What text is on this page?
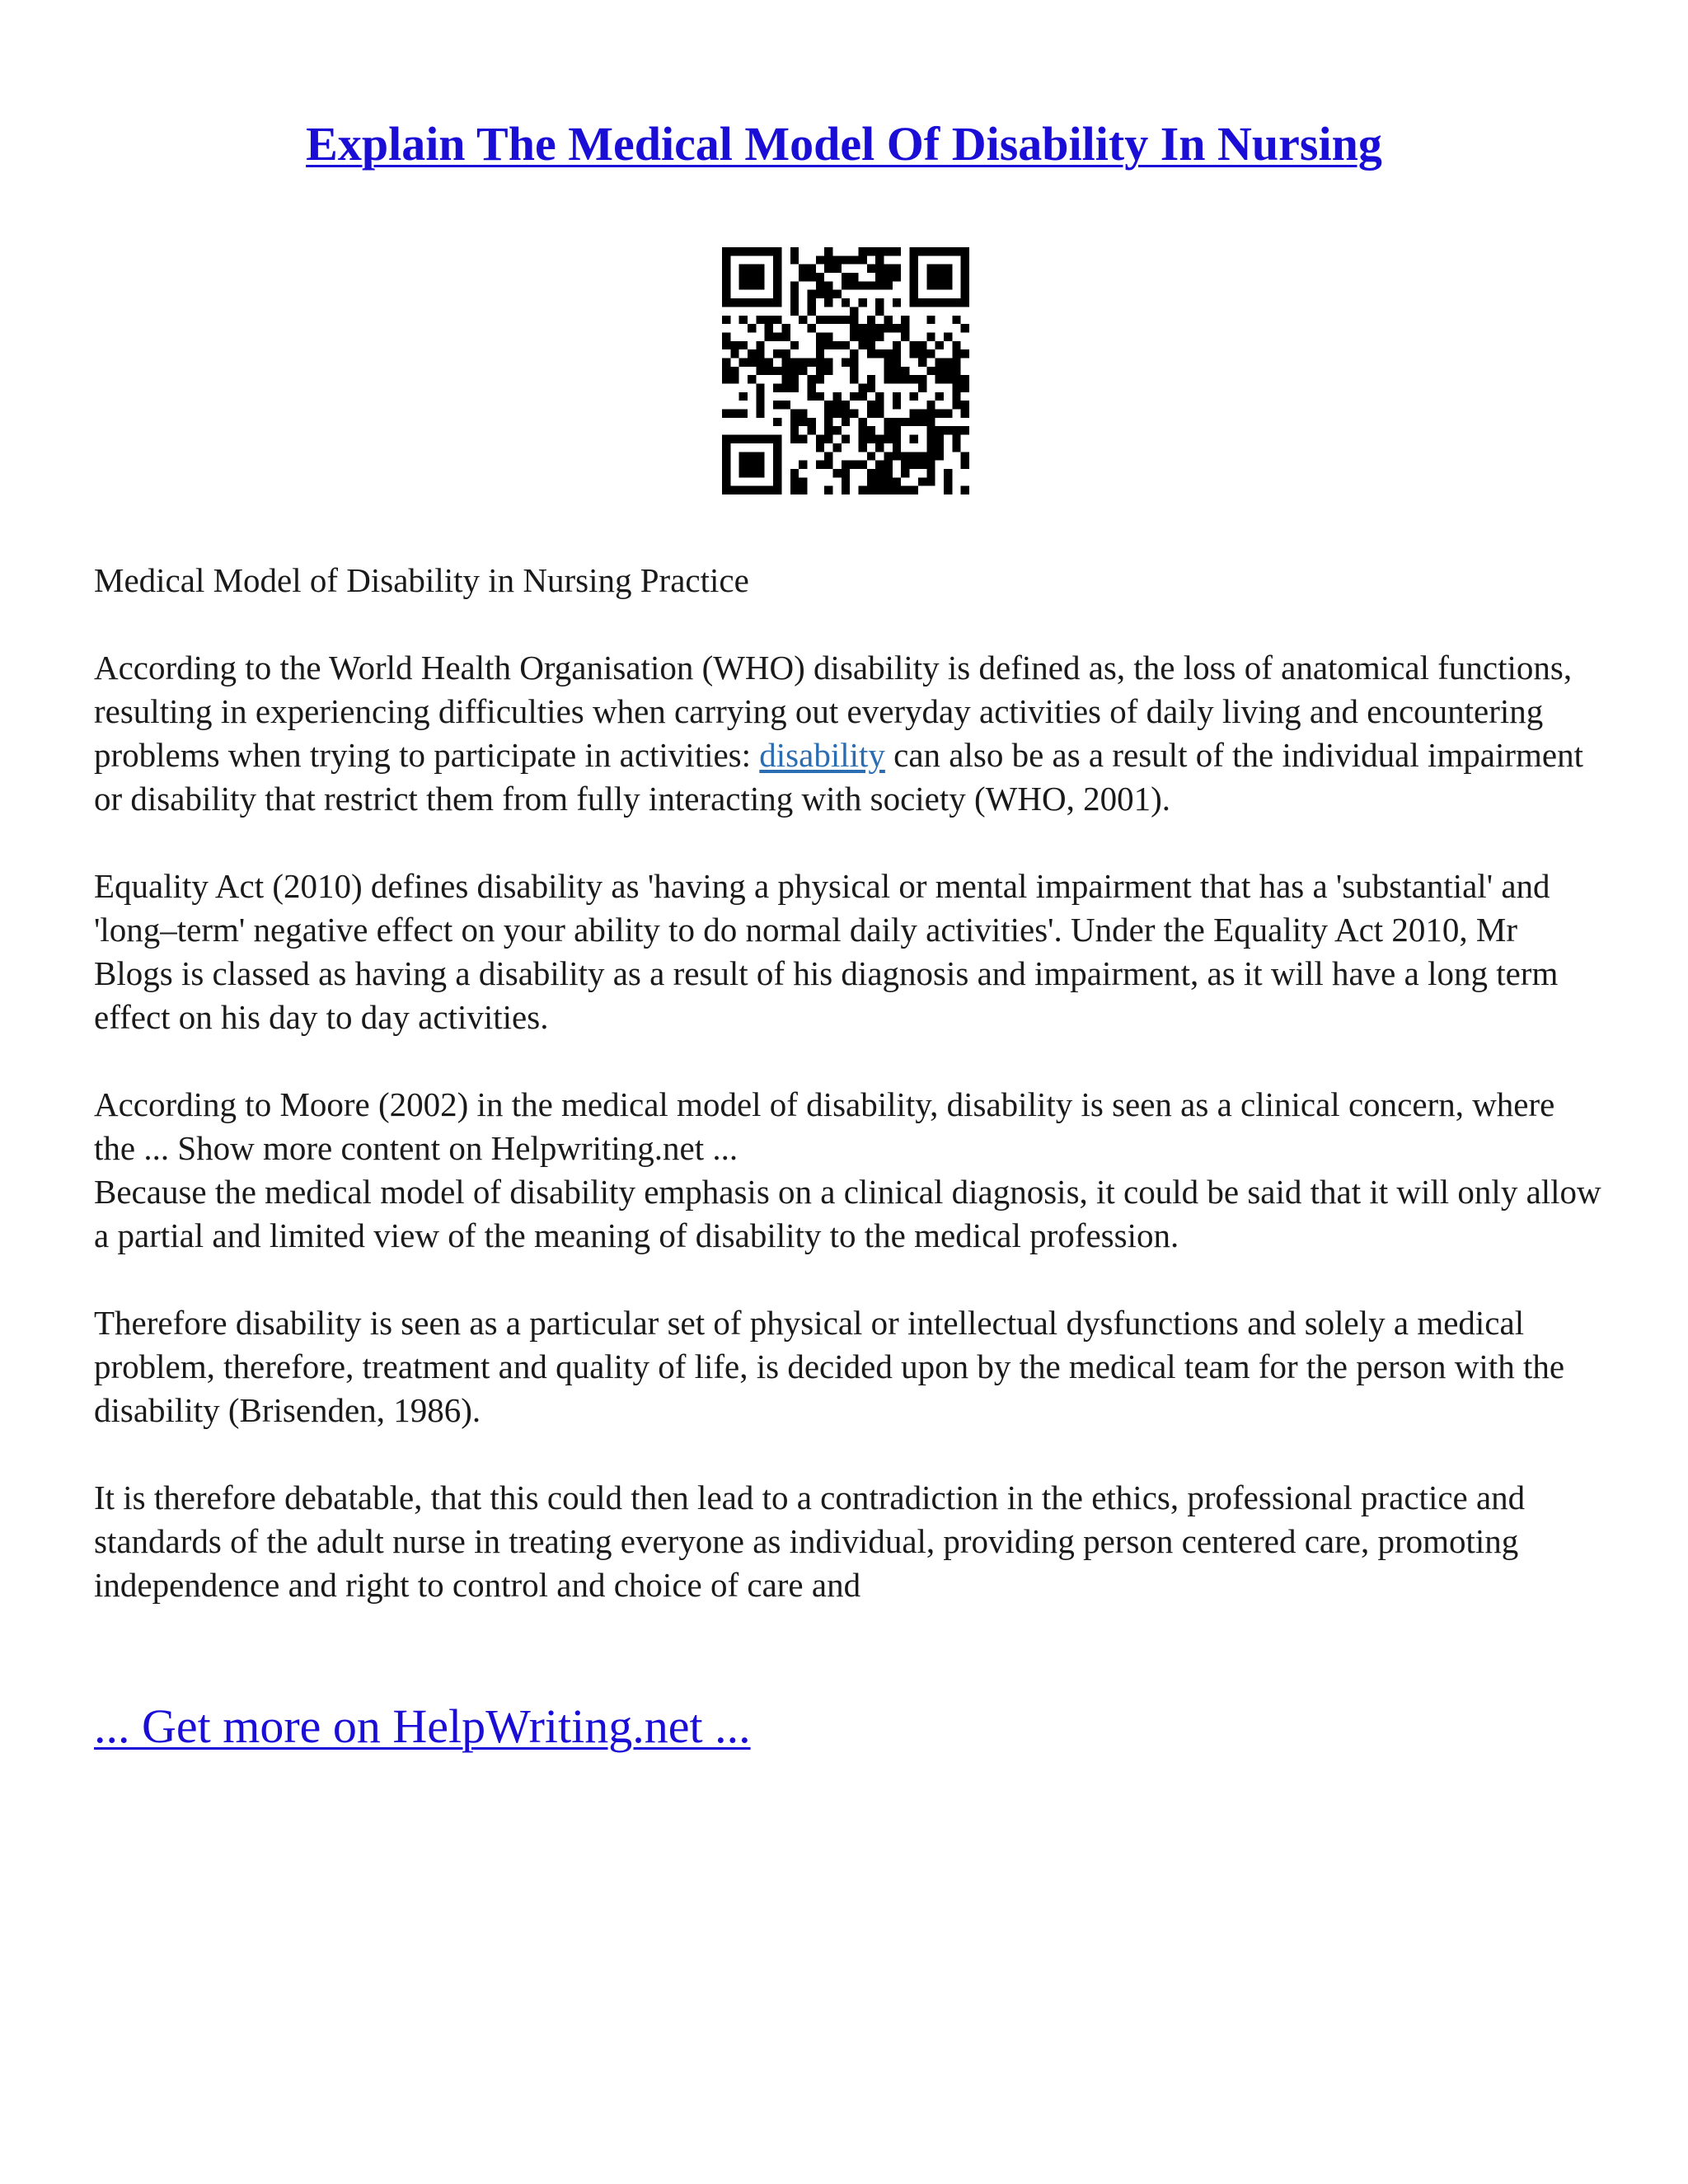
Explain The Medical Model Of Disability In Nursing

Medical Model of Disability in Nursing Practice

According to the World Health Organisation (WHO) disability is defined as, the loss of anatomical functions, resulting in experiencing difficulties when carrying out everyday activities of daily living and encountering problems when trying to participate in activities: disability can also be as a result of the individual impairment or disability that restrict them from fully interacting with society (WHO, 2001).

Equality Act (2010) defines disability as 'having a physical or mental impairment that has a 'substantial' and 'long–term' negative effect on your ability to do normal daily activities'. Under the Equality Act 2010, Mr Blogs is classed as having a disability as a result of his diagnosis and impairment, as it will have a long term effect on his day to day activities.

According to Moore (2002) in the medical model of disability, disability is seen as a clinical concern, where the ... Show more content on Helpwriting.net ...

Because the medical model of disability emphasis on a clinical diagnosis, it could be said that it will only allow a partial and limited view of the meaning of disability to the medical profession.

Therefore disability is seen as a particular set of physical or intellectual dysfunctions and solely a medical problem, therefore, treatment and quality of life, is decided upon by the medical team for the person with the disability (Brisenden, 1986).

It is therefore debatable, that this could then lead to a contradiction in the ethics, professional practice and standards of the adult nurse in treating everyone as individual, providing person centered care, promoting independence and right to control and choice of care and

... Get more on HelpWriting.net ...
